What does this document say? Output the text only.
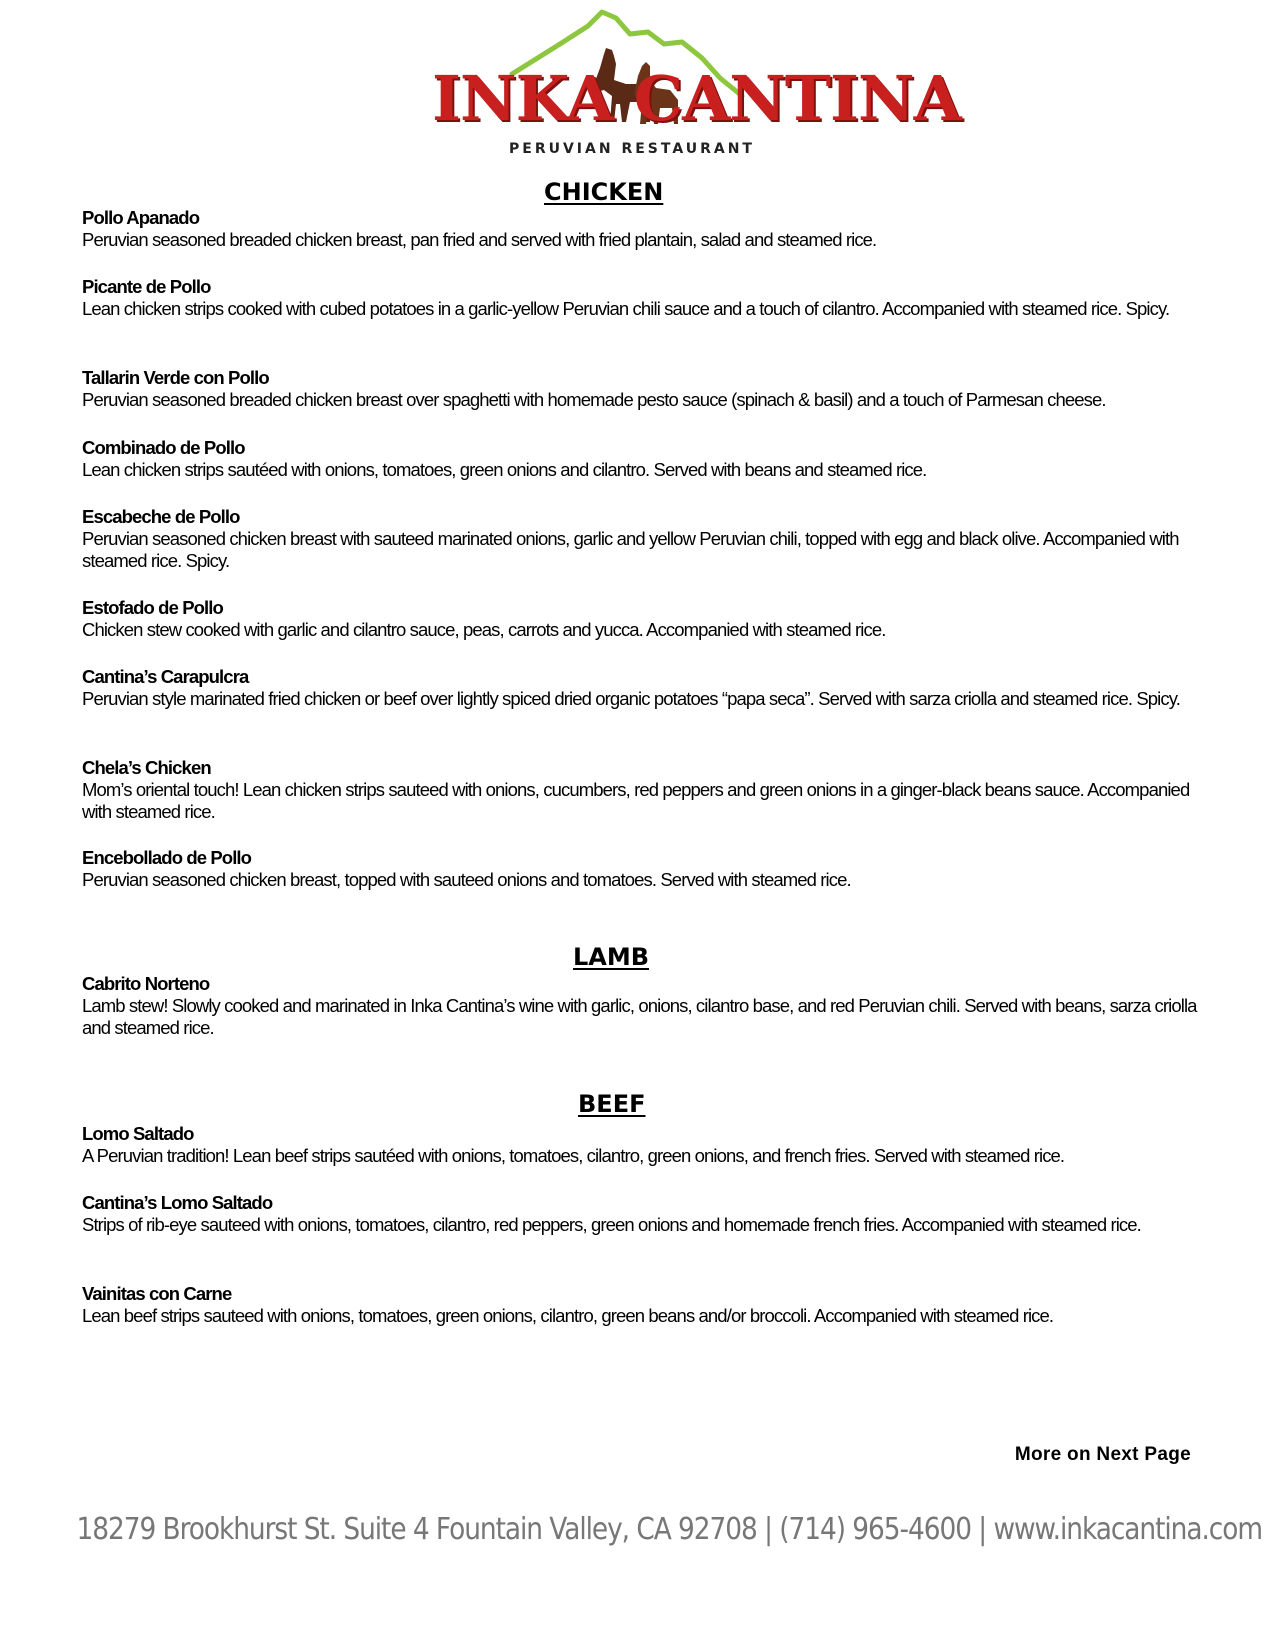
INKA CANTINA
PERUVIAN RESTAURANT
CHICKEN
Pollo Apanado
Peruvian seasoned breaded chicken breast, pan fried and served with fried plantain, salad and steamed rice.
Picante de Pollo
Lean chicken strips cooked with cubed potatoes in a garlic-yellow Peruvian chili sauce and a touch of cilantro. Accompanied with steamed rice. Spicy.
Tallarin Verde con Pollo
Peruvian seasoned breaded chicken breast over spaghetti with homemade pesto sauce (spinach & basil) and a touch of Parmesan cheese.
Combinado de Pollo
Lean chicken strips sautéed with onions, tomatoes, green onions and cilantro. Served with beans and steamed rice.
Escabeche de Pollo
Peruvian seasoned chicken breast with sauteed marinated onions, garlic and yellow Peruvian chili, topped with egg and black olive. Accompanied with steamed rice. Spicy.
Estofado de Pollo
Chicken stew cooked with garlic and cilantro sauce, peas, carrots and yucca. Accompanied with steamed rice.
Cantina’s Carapulcra
Peruvian style marinated fried chicken or beef over lightly spiced dried organic potatoes “papa seca”. Served with sarza criolla and steamed rice. Spicy.
Chela’s Chicken
Mom’s oriental touch! Lean chicken strips sauteed with onions, cucumbers, red peppers and green onions in a ginger-black beans sauce. Accompanied with steamed rice.
Encebollado de Pollo
Peruvian seasoned chicken breast, topped with sauteed onions and tomatoes. Served with steamed rice.
LAMB
Cabrito Norteno
Lamb stew! Slowly cooked and marinated in Inka Cantina’s wine with garlic, onions, cilantro base, and red Peruvian chili. Served with beans, sarza criolla and steamed rice.
BEEF
Lomo Saltado
A Peruvian tradition! Lean beef strips sautéed with onions, tomatoes, cilantro, green onions, and french fries. Served with steamed rice.
Cantina’s Lomo Saltado
Strips of rib-eye sauteed with onions, tomatoes, cilantro, red peppers, green onions and homemade french fries. Accompanied with steamed rice.
Vainitas con Carne
Lean beef strips sauteed with onions, tomatoes, green onions, cilantro, green beans and/or broccoli. Accompanied with steamed rice.
More on Next Page
18279 Brookhurst St. Suite 4 Fountain Valley, CA 92708 | (714) 965-4600 | www.inkacantina.com
